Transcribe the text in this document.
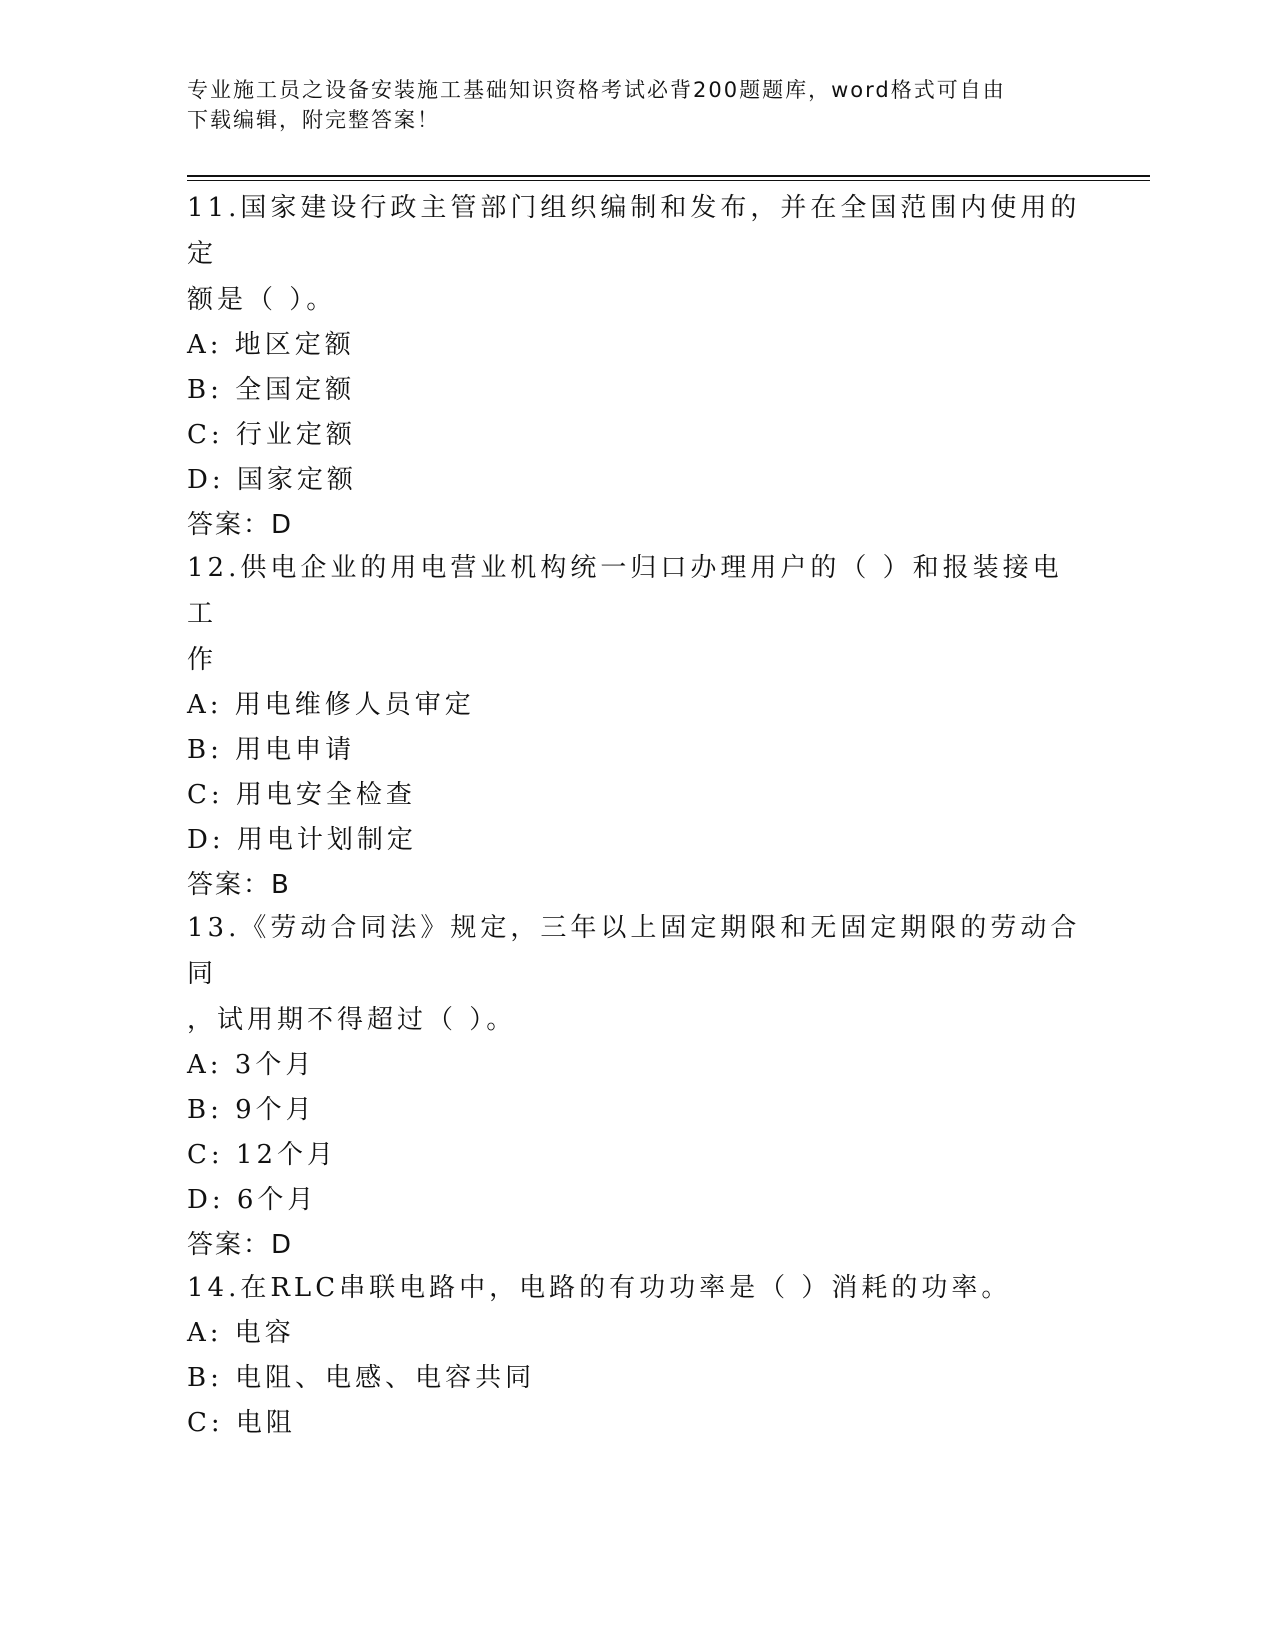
专业施工员之设备安装施工基础知识资格考试必背200题题库，word格式可自由
下载编辑，附完整答案！

11.国家建设行政主管部门组织编制和发布，并在全国范围内使用的定

额是（ ）。

A: 地区定额

B: 全国定额

C: 行业定额

D: 国家定额

答案：D

12.供电企业的用电营业机构统一归口办理用户的（ ）和报装接电工

作

A: 用电维修人员审定

B: 用电申请

C: 用电安全检查

D: 用电计划制定

答案：B

13.《劳动合同法》规定，三年以上固定期限和无固定期限的劳动合同

，试用期不得超过（ ）。

A: 3个月

B: 9个月

C: 12个月

D: 6个月

答案：D

14.在RLC串联电路中，电路的有功功率是（ ）消耗的功率。

A: 电容

B: 电阻、电感、电容共同

C: 电阻
